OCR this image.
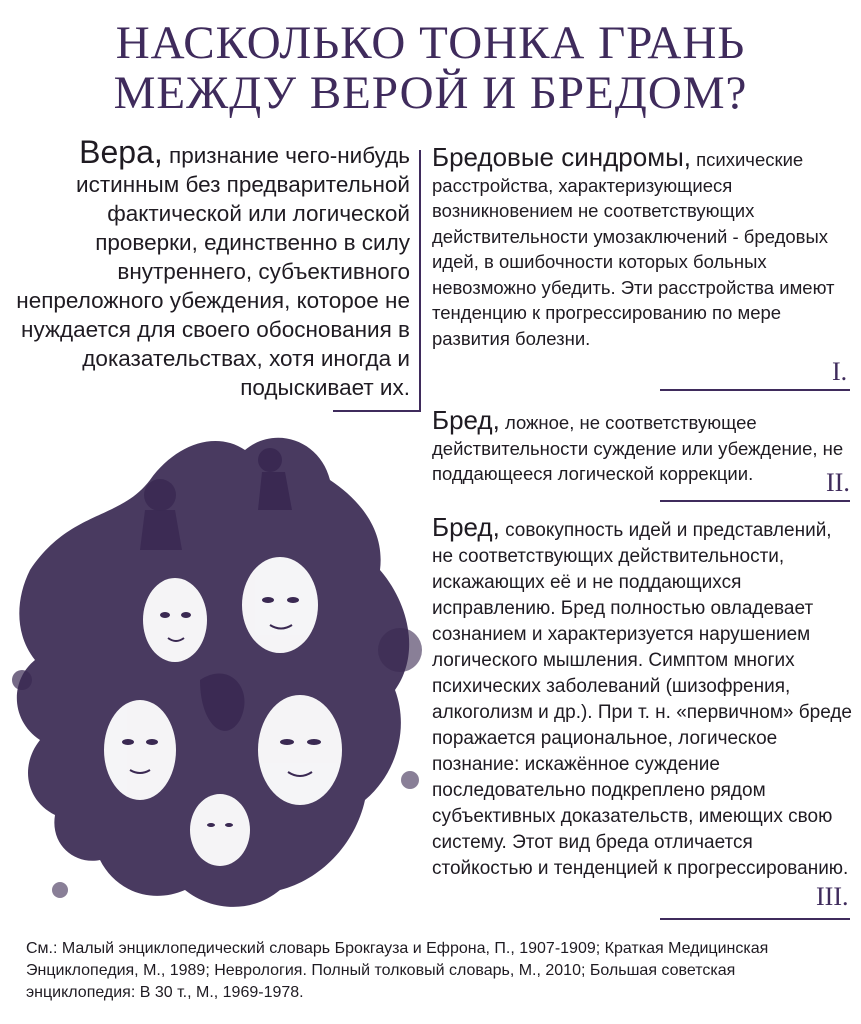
НАСКОЛЬКО ТОНКА ГРАНЬ
МЕЖДУ ВЕРОЙ И БРЕДОМ?

Вера, признание чего-нибудь истинным без предварительной фактической или логической проверки, единственно в силу внутреннего, субъективного непреложного убеждения, которое не нуждается для своего обоснования в доказательствах, хотя иногда и подыскивает их.

Бредовые синдромы, психические расстройства, характеризующиеся возникновением не соответствующих действительности умозаключений - бредовых идей, в ошибочности которых больных невозможно убедить. Эти расстройства имеют тенденцию к прогрессированию по мере развития болезни.

I.

Бред, ложное, не соответствующее действительности суждение или убеждение, не поддающееся логической коррекции.	II.

Бред, совокупность идей и представлений, не соответствующих действительности, искажающих её и не поддающихся исправлению. Бред полностью овладевает сознанием и характеризуется нарушением логического мышления. Симптом многих психических заболеваний (шизофрения, алкоголизм и др.). При т. н. «первичном» бреде поражается рациональное, логическое познание: искажённое суждение последовательно подкреплено рядом субъективных доказательств, имеющих свою систему. Этот вид бреда отличается стойкостью и тенденцией к прогрессированию.

III.

См.: Малый энциклопедический словарь Брокгауза и Ефрона, П., 1907-1909; Краткая Медицинская Энциклопедия, М., 1989; Неврология. Полный толковый словарь, М., 2010; Большая советская энциклопедия: В 30 т., М., 1969-1978.
